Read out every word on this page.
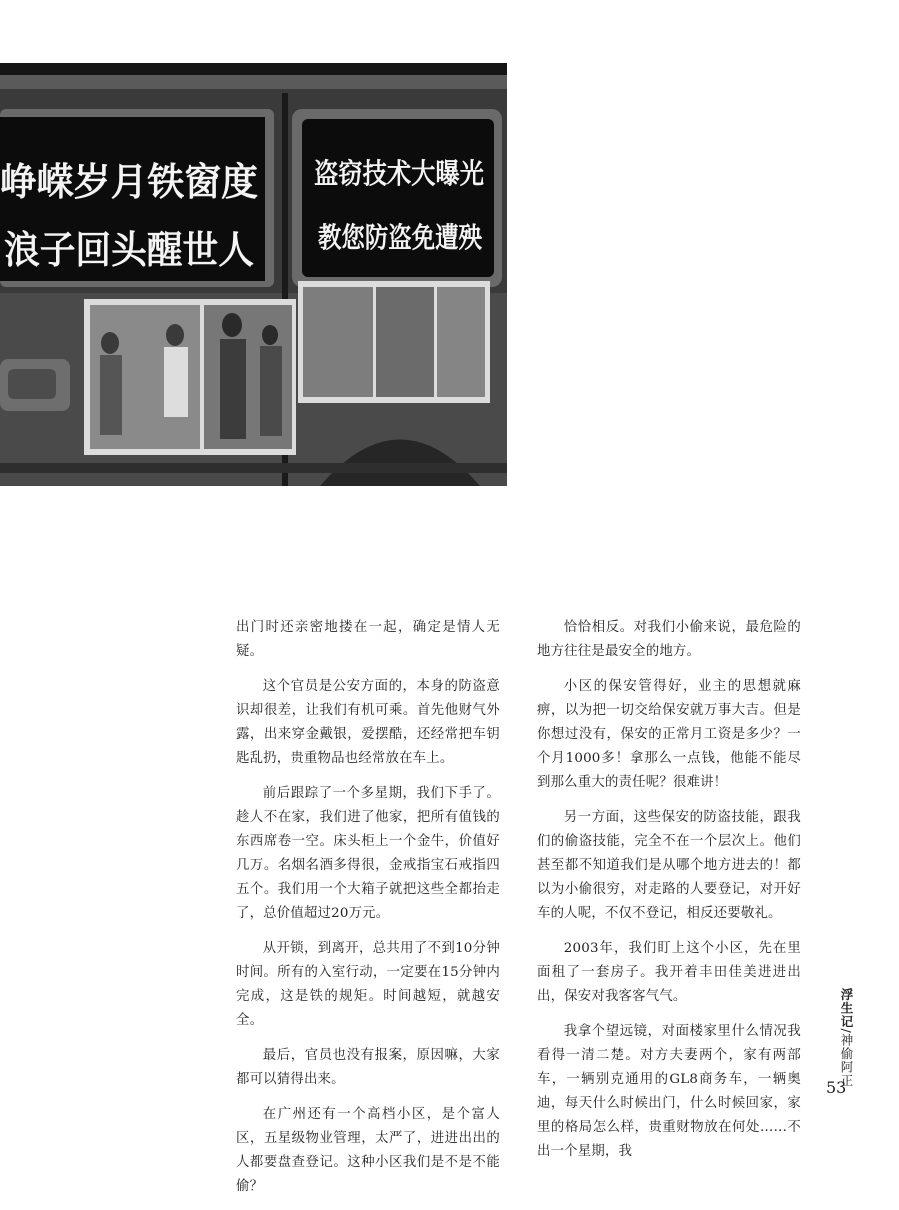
峥嵘岁月铁窗度
浪子回头醒世人
盗窃技术大曝光
教您防盗免遭殃

出门时还亲密地搂在一起，确定是情人无疑。

这个官员是公安方面的，本身的防盗意识却很差，让我们有机可乘。首先他财气外露，出来穿金戴银，爱摆酷，还经常把车钥匙乱扔，贵重物品也经常放在车上。

前后跟踪了一个多星期，我们下手了。趁人不在家，我们进了他家，把所有值钱的东西席卷一空。床头柜上一个金牛，价值好几万。名烟名酒多得很，金戒指宝石戒指四五个。我们用一个大箱子就把这些全都抬走了，总价值超过20万元。

从开锁，到离开，总共用了不到10分钟时间。所有的入室行动，一定要在15分钟内完成，这是铁的规矩。时间越短，就越安全。

最后，官员也没有报案，原因嘛，大家都可以猜得出来。

在广州还有一个高档小区，是个富人区，五星级物业管理，太严了，进进出出的人都要盘查登记。这种小区我们是不是不能偷？

恰恰相反。对我们小偷来说，最危险的地方往往是最安全的地方。

小区的保安管得好，业主的思想就麻痹，以为把一切交给保安就万事大吉。但是你想过没有，保安的正常月工资是多少？一个月1000多！拿那么一点钱，他能不能尽到那么重大的责任呢？很难讲！

另一方面，这些保安的防盗技能，跟我们的偷盗技能，完全不在一个层次上。他们甚至都不知道我们是从哪个地方进去的！都以为小偷很穷，对走路的人要登记，对开好车的人呢，不仅不登记，相反还要敬礼。

2003年，我们盯上这个小区，先在里面租了一套房子。我开着丰田佳美进进出出，保安对我客客气气。

我拿个望远镜，对面楼家里什么情况我看得一清二楚。对方夫妻两个，家有两部车，一辆别克通用的GL8商务车，一辆奥迪，每天什么时候出门，什么时候回家，家里的格局怎么样，贵重财物放在何处……不出一个星期，我

浮生记/神偷阿正
53
